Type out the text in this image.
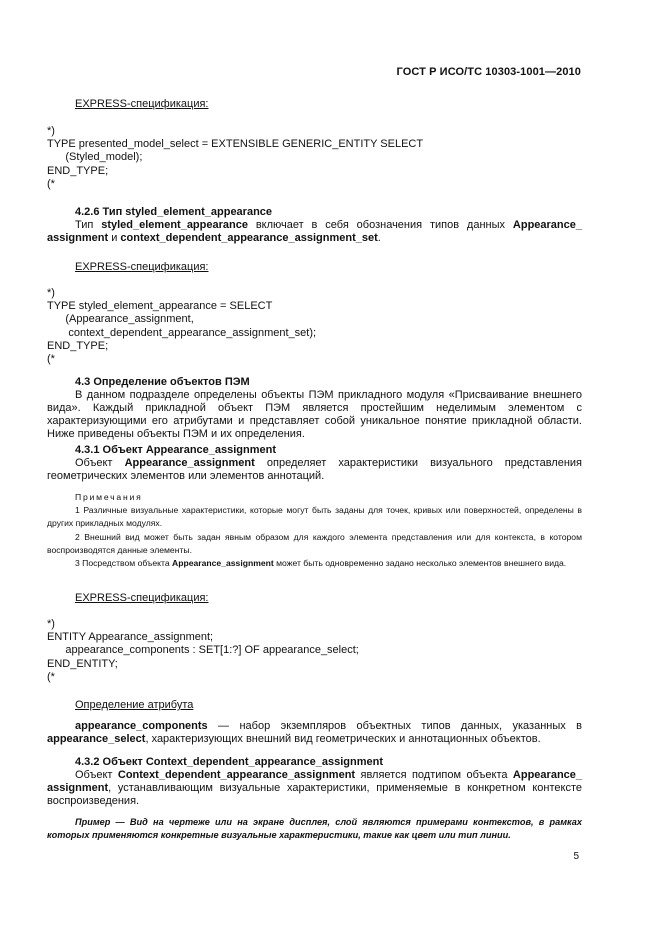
ГОСТ Р ИСО/ТС 10303-1001—2010
EXPRESS-спецификация:
*)
TYPE presented_model_select = EXTENSIBLE GENERIC_ENTITY SELECT
(Styled_model);
END_TYPE;
(*
4.2.6 Тип styled_element_appearance
Тип styled_element_appearance включает в себя обозначения типов данных Appearance_ assignment и context_dependent_appearance_assignment_set.
EXPRESS-спецификация:
*)
TYPE styled_element_appearance = SELECT
(Appearance_assignment,
context_dependent_appearance_assignment_set);
END_TYPE;
(*
4.3 Определение объектов ПЭМ
В данном подразделе определены объекты ПЭМ прикладного модуля «Присваивание внешнего вида». Каждый прикладной объект ПЭМ является простейшим неделимым элементом с характеризующими его атрибутами и представляет собой уникальное понятие прикладной области. Ниже приведены объекты ПЭМ и их определения.
4.3.1 Объект Appearance_assignment
Объект Appearance_assignment определяет характеристики визуального представления геометрических элементов или элементов аннотаций.
Примечания
1 Различные визуальные характеристики, которые могут быть заданы для точек, кривых или поверхностей, определены в других прикладных модулях.
2 Внешний вид может быть задан явным образом для каждого элемента представления или для контекста, в котором воспроизводятся данные элементы.
3 Посредством объекта Appearance_assignment может быть одновременно задано несколько элементов внешнего вида.
EXPRESS-спецификация:
*)
ENTITY Appearance_assignment;
appearance_components : SET[1:?] OF appearance_select;
END_ENTITY;
(*
Определение атрибута
appearance_components — набор экземпляров объектных типов данных, указанных в appearance_select, характеризующих внешний вид геометрических и аннотационных объектов.
4.3.2 Объект Context_dependent_appearance_assignment
Объект Context_dependent_appearance_assignment является подтипом объекта Appearance_ assignment, устанавливающим визуальные характеристики, применяемые в конкретном контексте воспроизведения.
Пример — Вид на чертеже или на экране дисплея, слой являются примерами контекстов, в рамках которых применяются конкретные визуальные характеристики, такие как цвет или тип линии.
5
